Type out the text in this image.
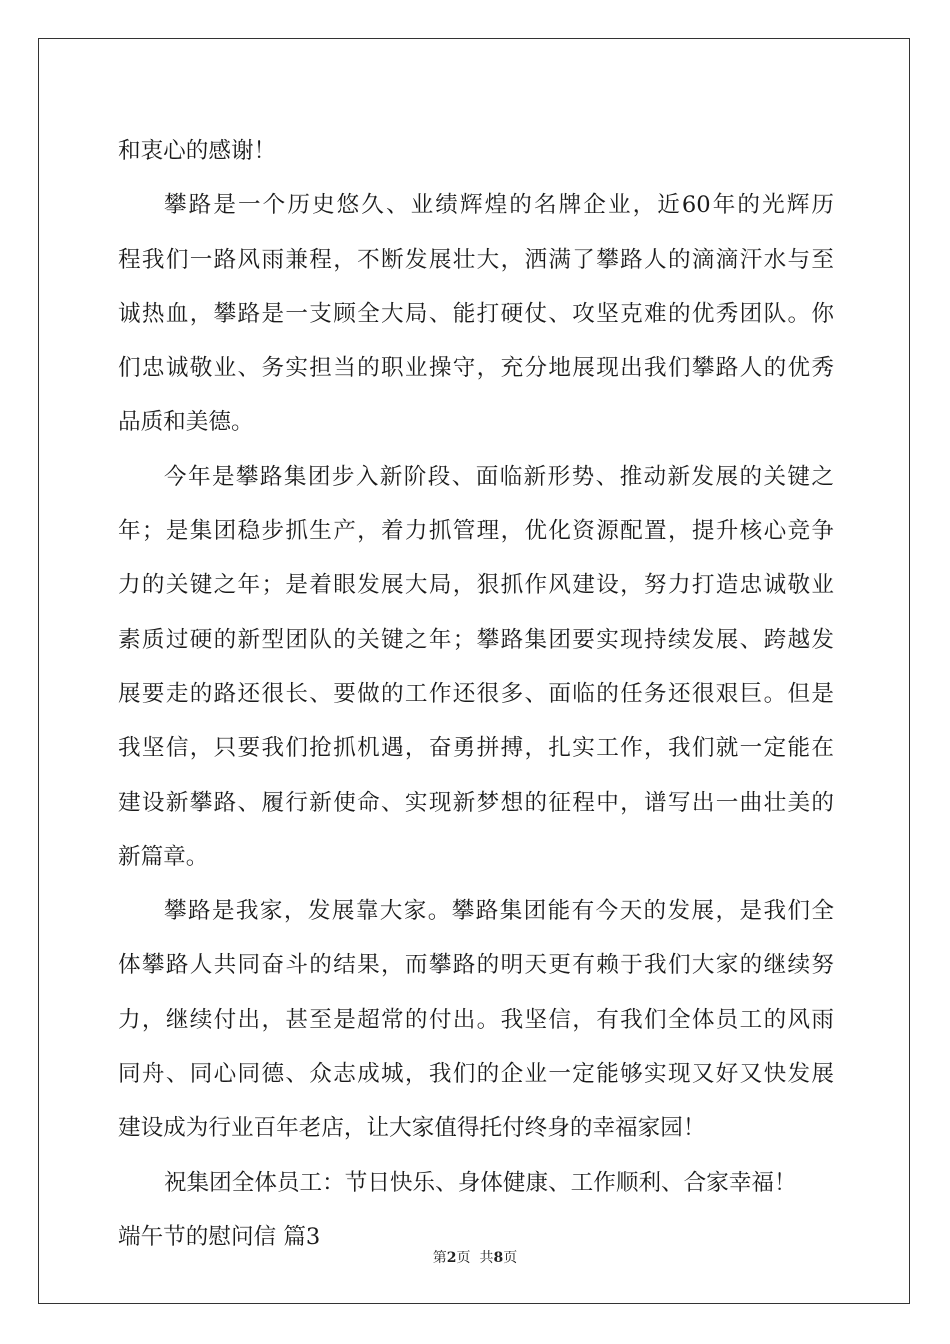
和衷心的感谢！
攀路是一个历史悠久、业绩辉煌的名牌企业，近60年的光辉历
程我们一路风雨兼程，不断发展壮大，洒满了攀路人的滴滴汗水与至
诚热血，攀路是一支顾全大局、能打硬仗、攻坚克难的优秀团队。你
们忠诚敬业、务实担当的职业操守，充分地展现出我们攀路人的优秀
品质和美德。
今年是攀路集团步入新阶段、面临新形势、推动新发展的关键之
年；是集团稳步抓生产，着力抓管理，优化资源配置，提升核心竞争
力的关键之年；是着眼发展大局，狠抓作风建设，努力打造忠诚敬业
素质过硬的新型团队的关键之年；攀路集团要实现持续发展、跨越发
展要走的路还很长、要做的工作还很多、面临的任务还很艰巨。但是
我坚信，只要我们抢抓机遇，奋勇拼搏，扎实工作，我们就一定能在
建设新攀路、履行新使命、实现新梦想的征程中，谱写出一曲壮美的
新篇章。
攀路是我家，发展靠大家。攀路集团能有今天的发展，是我们全
体攀路人共同奋斗的结果，而攀路的明天更有赖于我们大家的继续努
力，继续付出，甚至是超常的付出。我坚信，有我们全体员工的风雨
同舟、同心同德、众志成城，我们的企业一定能够实现又好又快发展
建设成为行业百年老店，让大家值得托付终身的幸福家园！
祝集团全体员工：节日快乐、身体健康、工作顺利、合家幸福！
端午节的慰问信 篇3
第2页  共8页
